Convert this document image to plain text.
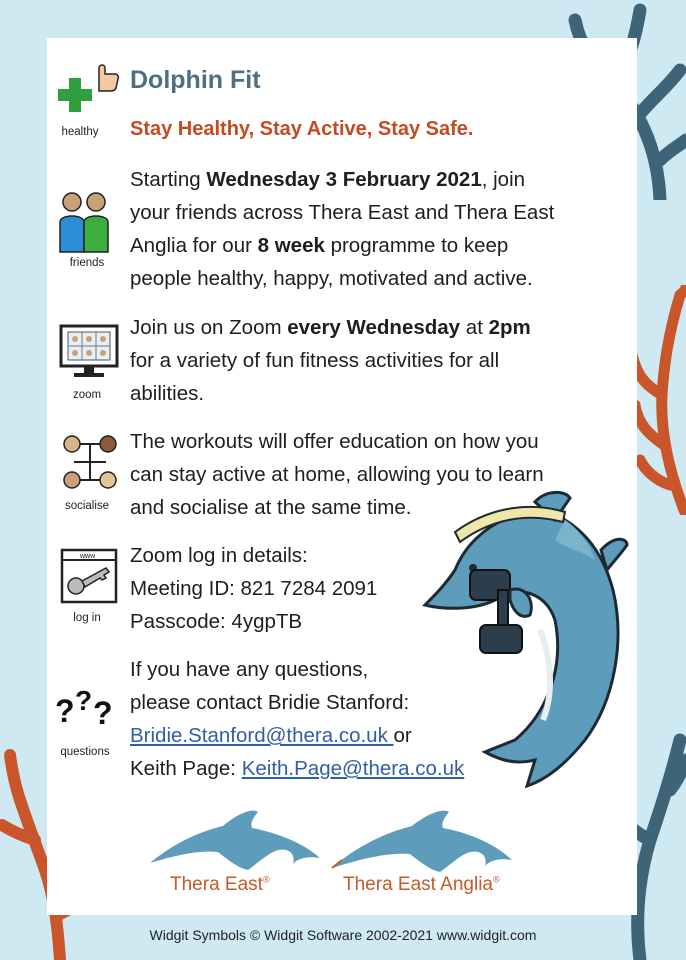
healthy
friends
zoom
socialise
www
log in
? ? ?
questions
Dolphin Fit
Stay Healthy, Stay Active, Stay Safe.
Starting Wednesday 3 February 2021, join
your friends across Thera East and Thera East
Anglia for our 8 week programme to keep
people healthy, happy, motivated and active.
Join us on Zoom every Wednesday at 2pm
for a variety of fun fitness activities for all
abilities.
The workouts will offer education on how you
can stay active at home, allowing you to learn
and socialise at the same time.
Zoom log in details:
Meeting ID: 821 7284 2091
Passcode: 4ygpTB
If you have any questions,
please contact Bridie Stanford:
Bridie.Stanford@thera.co.uk or
Keith Page: Keith.Page@thera.co.uk
Thera East®	Thera East Anglia®
Widgit Symbols © Widgit Software 2002-2021 www.widgit.com
